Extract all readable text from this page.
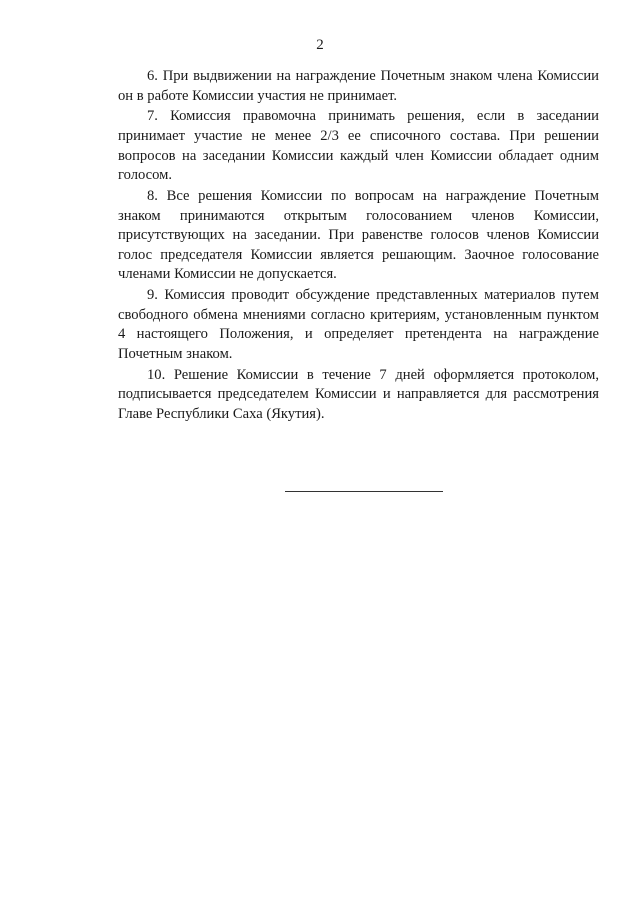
2

6. При выдвижении на награждение Почетным знаком члена Комиссии он в работе Комиссии участия не принимает.

7. Комиссия правомочна принимать решения, если в заседании принимает участие не менее 2/3 ее списочного состава. При решении вопросов на заседании Комиссии каждый член Комиссии обладает одним голосом.

8. Все решения Комиссии по вопросам на награждение Почетным знаком принимаются открытым голосованием членов Комиссии, присутствующих на заседании. При равенстве голосов членов Комиссии голос председателя Комиссии является решающим. Заочное голосование членами Комиссии не допускается.

9. Комиссия проводит обсуждение представленных материалов путем свободного обмена мнениями согласно критериям, установленным пунктом 4 настоящего Положения, и определяет претендента на награждение Почетным знаком.

10. Решение Комиссии в течение 7 дней оформляется протоколом, подписывается председателем Комиссии и направляется для рассмотрения Главе Республики Саха (Якутия).
